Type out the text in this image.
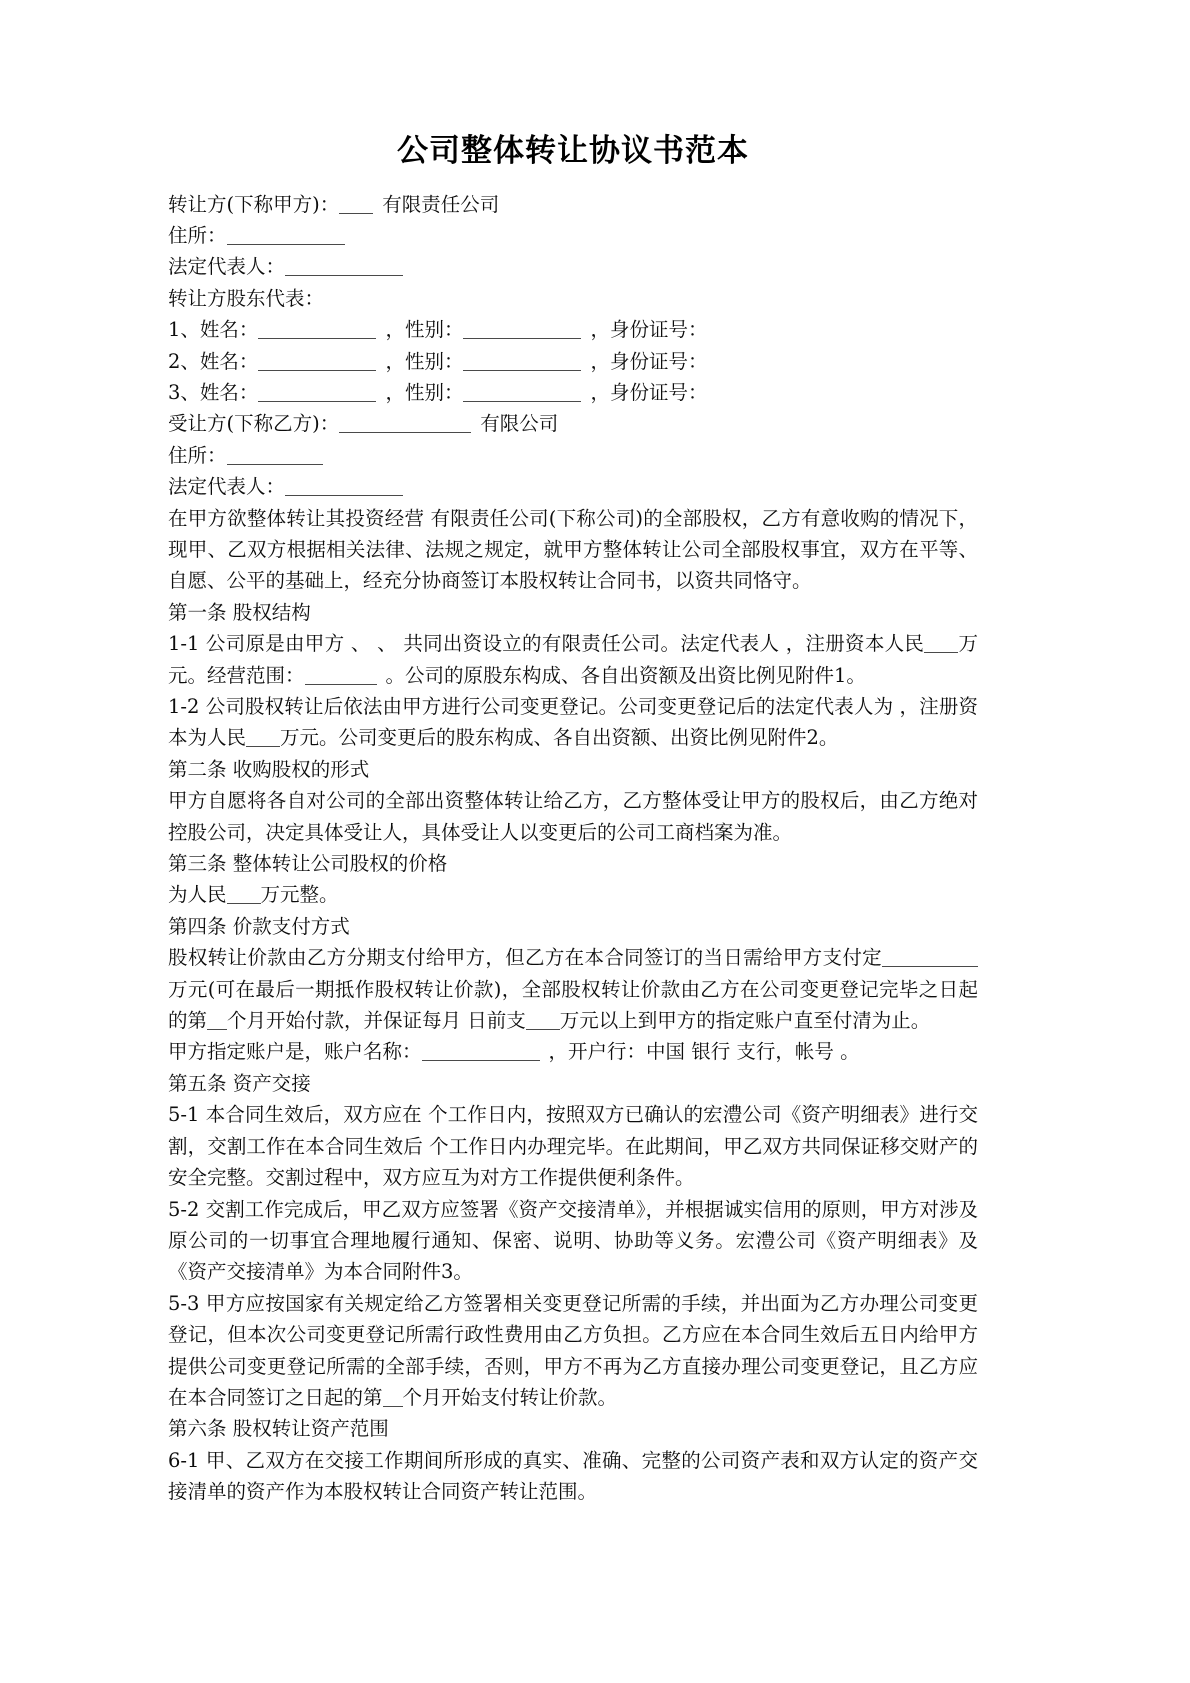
公司整体转让协议书范本

转让方(下称甲方)： 有限责任公司

住所：

法定代表人：

转让方股东代表：

1、姓名：	，性别：	，身份证号：

2、姓名：	，性别：	，身份证号：

3、姓名：	，性别：	，身份证号：

受让方(下称乙方)：	有限公司

住所：

法定代表人：

在甲方欲整体转让其投资经营 有限责任公司(下称公司)的全部股权，乙方有意收购的情况下，现甲、乙双方根据相关法律、法规之规定，就甲方整体转让公司全部股权事宜，双方在平等、自愿、公平的基础上，经充分协商签订本股权转让合同书，以资共同恪守。

第一条 股权结构

1-1 公司原是由甲方 、 、 共同出资设立的有限责任公司。法定代表人 ，注册资本人民 万元。经营范围：	。公司的原股东构成、各自出资额及出资比例见附件1。

1-2 公司股权转让后依法由甲方进行公司变更登记。公司变更登记后的法定代表人为 ，注册资本为人民 万元。公司变更后的股东构成、各自出资额、出资比例见附件2。

第二条 收购股权的形式

甲方自愿将各自对公司的全部出资整体转让给乙方，乙方整体受让甲方的股权后，由乙方绝对控股公司，决定具体受让人，具体受让人以变更后的公司工商档案为准。

第三条 整体转让公司股权的价格

为人民 万元整。

第四条 价款支付方式

股权转让价款由乙方分期支付给甲方，但乙方在本合同签订的当日需给甲方支付定万元(可在最后一期抵作股权转让价款)，全部股权转让价款由乙方在公司变更登记完毕之日起的第 个月开始付款，并保证每月 日前支 万元以上到甲方的指定账户直至付清为止。

甲方指定账户是，账户名称：	，开户行：中国 银行 支行，帐号 。

第五条 资产交接

5-1 本合同生效后，双方应在 个工作日内，按照双方已确认的宏澧公司《资产明细表》进行交割，交割工作在本合同生效后 个工作日内办理完毕。在此期间，甲乙双方共同保证移交财产的安全完整。交割过程中，双方应互为对方工作提供便利条件。

5-2 交割工作完成后，甲乙双方应签署《资产交接清单》，并根据诚实信用的原则，甲方对涉及原公司的一切事宜合理地履行通知、保密、说明、协助等义务。宏澧公司《资产明细表》及《资产交接清单》为本合同附件3。

5-3 甲方应按国家有关规定给乙方签署相关变更登记所需的手续，并出面为乙方办理公司变更登记，但本次公司变更登记所需行政性费用由乙方负担。乙方应在本合同生效后五日内给甲方提供公司变更登记所需的全部手续，否则，甲方不再为乙方直接办理公司变更登记，且乙方应在本合同签订之日起的第 个月开始支付转让价款。

第六条 股权转让资产范围

6-1 甲、乙双方在交接工作期间所形成的真实、准确、完整的公司资产表和双方认定的资产交接清单的资产作为本股权转让合同资产转让范围。
